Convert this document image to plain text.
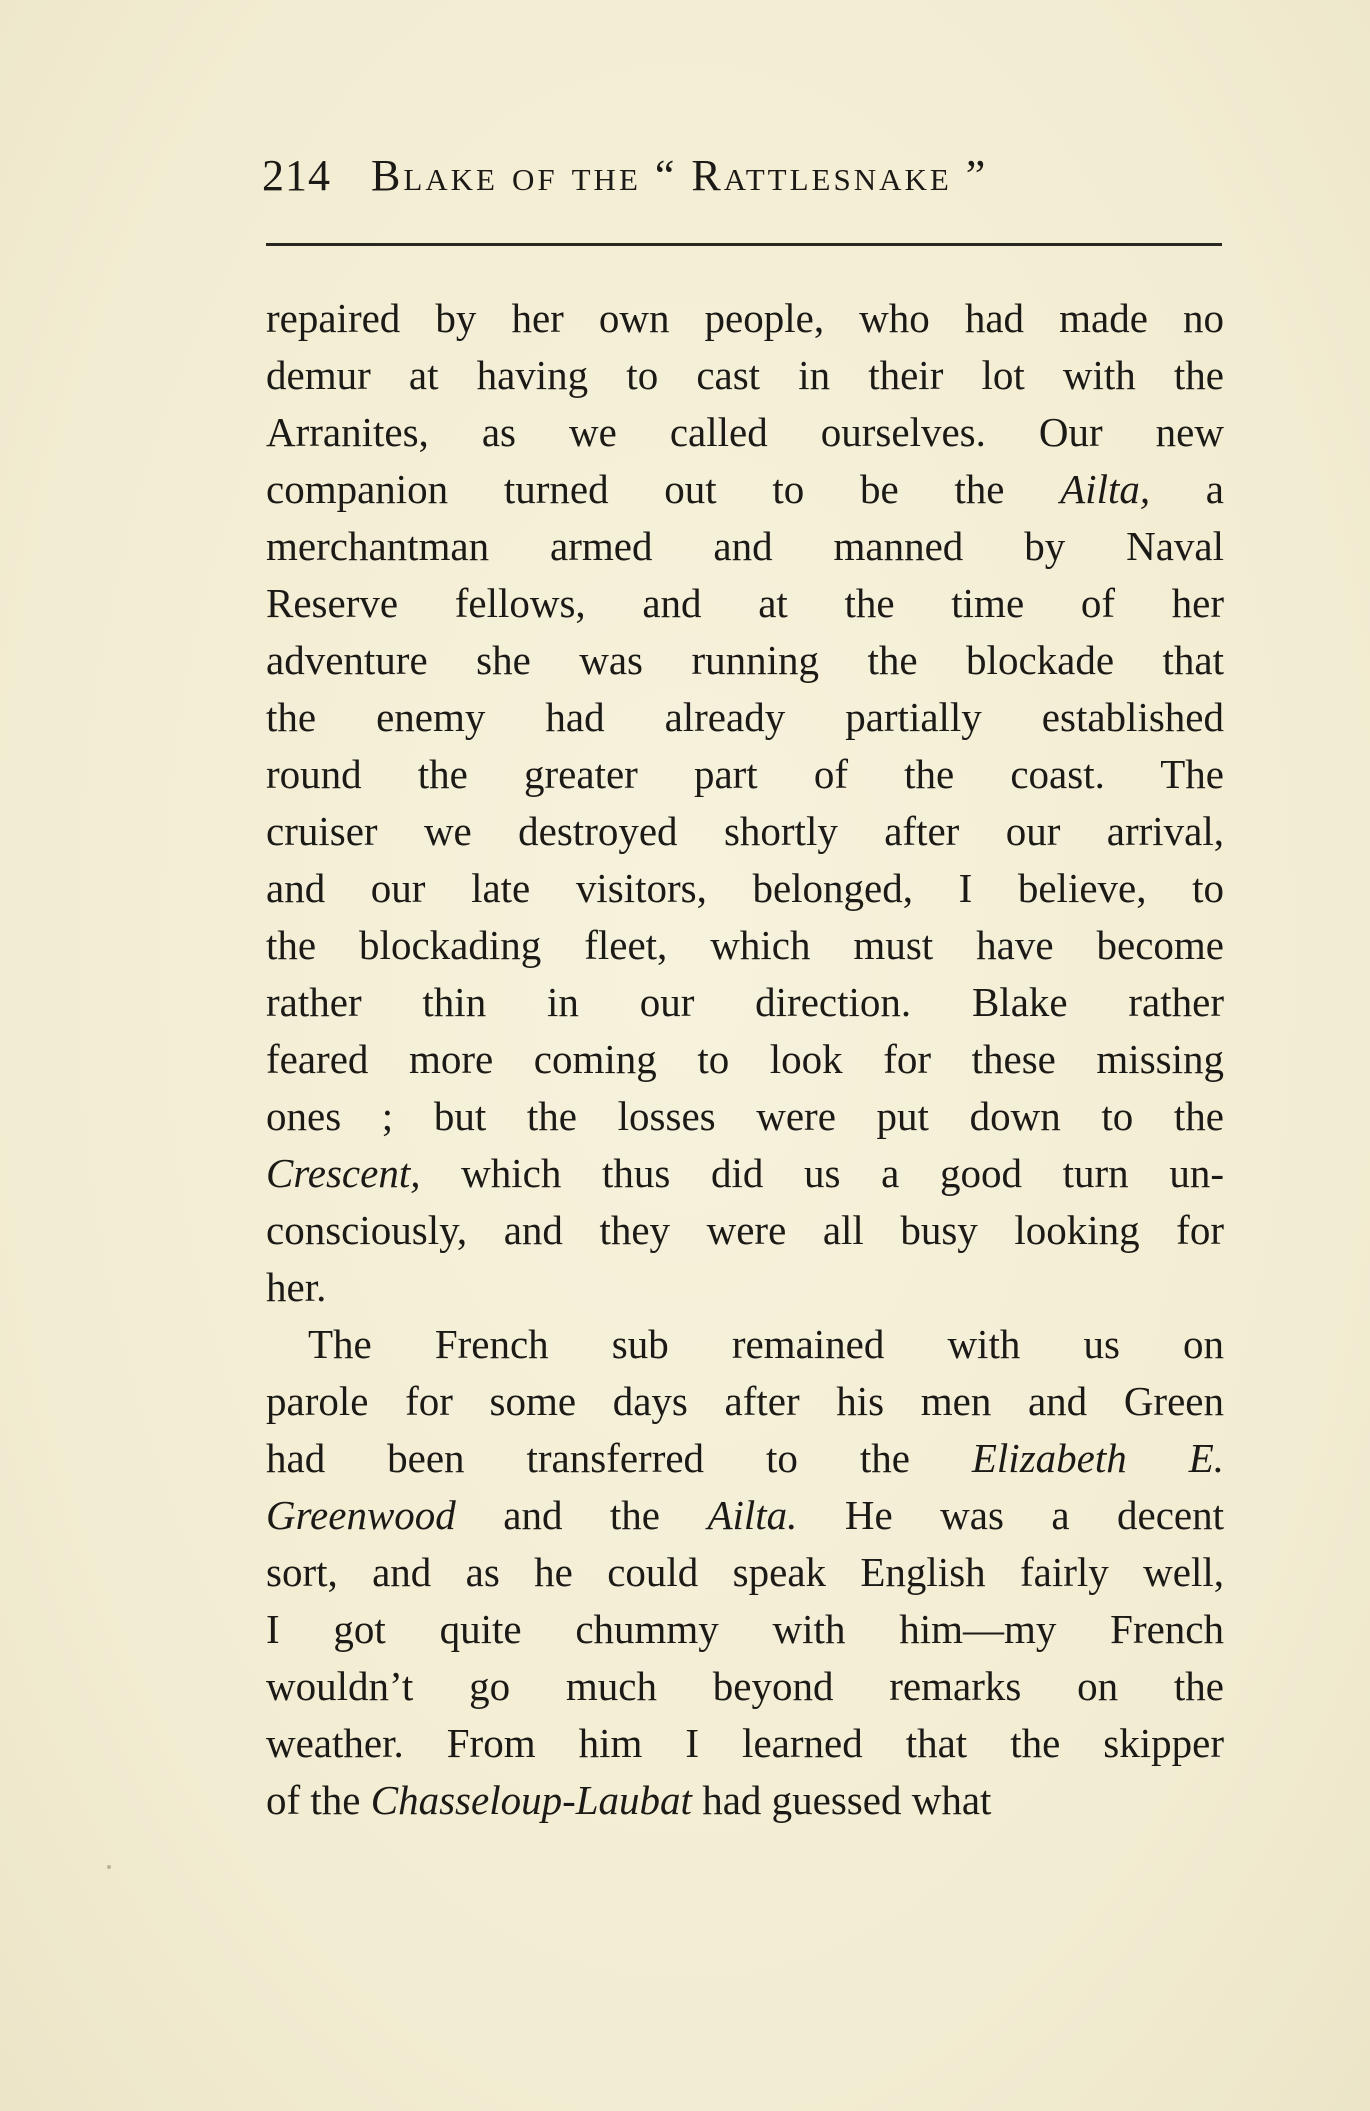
214 Blake of the “ Rattlesnake ”
repaired by her own people, who had made no
demur at having to cast in their lot with the
Arranites, as we called ourselves. Our new
companion turned out to be the Ailta, a
merchantman armed and manned by Naval
Reserve fellows, and at the time of her
adventure she was running the blockade that
the enemy had already partially established
round the greater part of the coast. The
cruiser we destroyed shortly after our arrival,
and our late visitors, belonged, I believe, to
the blockading fleet, which must have become
rather thin in our direction. Blake rather
feared more coming to look for these missing
ones ; but the losses were put down to the
Crescent, which thus did us a good turn un-
consciously, and they were all busy looking for
her.
The French sub remained with us on
parole for some days after his men and Green
had been transferred to the Elizabeth E.
Greenwood and the Ailta. He was a decent
sort, and as he could speak English fairly well,
I got quite chummy with him—my French
wouldn’t go much beyond remarks on the
weather. From him I learned that the skipper
of the Chasseloup-Laubat had guessed what
